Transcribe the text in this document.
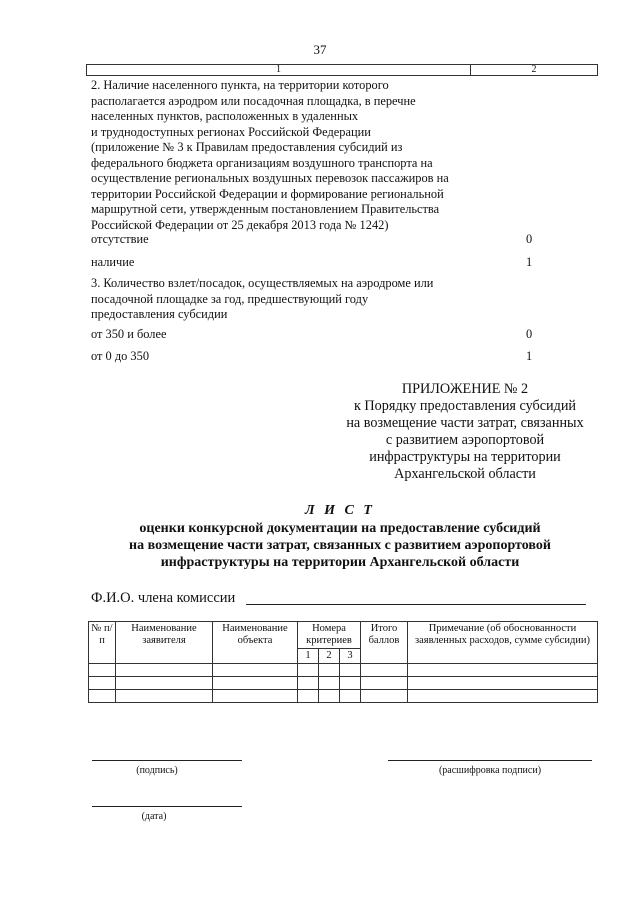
37
1	2
2. Наличие населенного пункта, на территории которого
располагается аэродром или посадочная площадка, в перечне
населенных пунктов, расположенных в удаленных
и труднодоступных регионах Российской Федерации
(приложение № 3 к Правилам предоставления субсидий из
федерального бюджета организациям воздушного транспорта на
осуществление региональных воздушных перевозок пассажиров на
территории Российской Федерации и формирование региональной
маршрутной сети, утвержденным постановлением Правительства
Российской Федерации от 25 декабря 2013 года № 1242)
отсутствие	0
наличие	1
3. Количество взлет/посадок, осуществляемых на аэродроме или
посадочной площадке за год, предшествующий году
предоставления субсидии
от 350 и более	0
от 0 до 350	1
ПРИЛОЖЕНИЕ № 2
к Порядку предоставления субсидий
на возмещение части затрат, связанных
с развитием аэропортовой
инфраструктуры на территории
Архангельской области
Л И С Т
оценки конкурсной документации на предоставление субсидий
на возмещение части затрат, связанных с развитием аэропортовой
инфраструктуры на территории Архангельской области
Ф.И.О. члена комиссии
№ п/п	Наименование заявителя	Наименование объекта	Номера критериев			Итого баллов	Примечание (об обоснованности заявленных расходов, сумме субсидии)
			1	2	3		

(подпись)	(расшифровка подписи)
(дата)
